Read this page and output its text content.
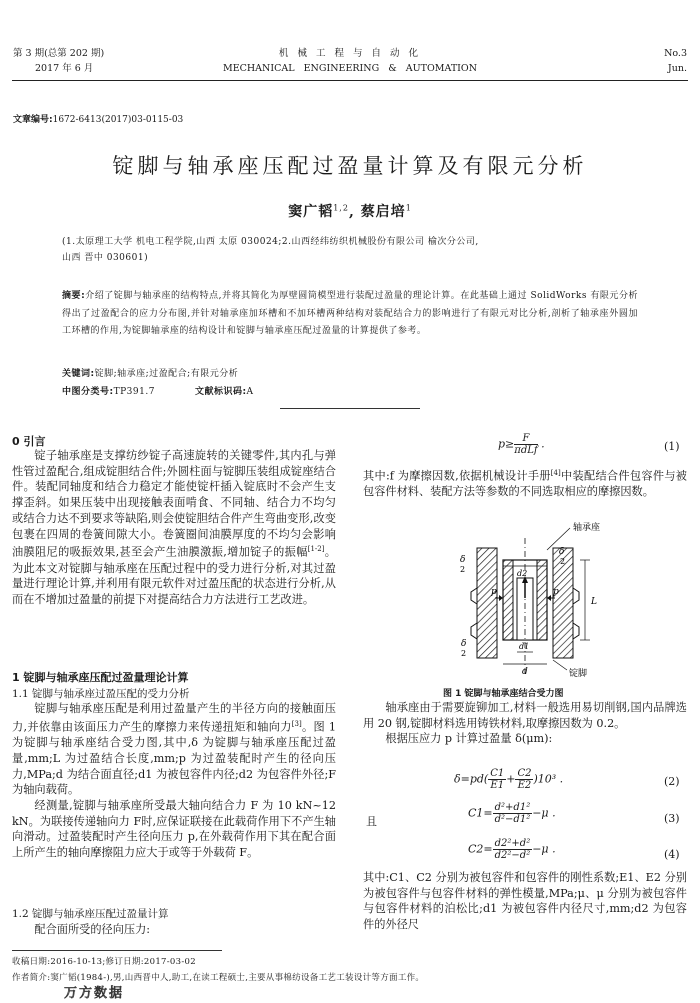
第 3 期(总第 202 期)
2017 年 6 月
机 械 工 程 与 自 动 化
MECHANICAL   ENGINEERING   &   AUTOMATION
No.3
Jun.
文章编号:1672-6413(2017)03-0115-03
锭脚与轴承座压配过盈量计算及有限元分析
窦广韬$^{1,2}$, 蔡启培$^1$
(1.太原理工大学 机电工程学院,山西 太原 030024;2.山西经纬纺织机械股份有限公司 榆次分公司,
山西 晋中 030601)
摘要:介绍了锭脚与轴承座的结构特点,并将其简化为厚壁圆筒模型进行装配过盈量的理论计算。在此基础上通过 SolidWorks 有限元分析得出了过盈配合的应力分布图,并针对轴承座加环槽和不加环槽两种结构对装配结合力的影响进行了有限元对比分析,剖析了轴承座外圆加工环槽的作用,为锭脚轴承座的结构设计和锭脚与轴承座压配过盈量的计算提供了参考。
关键词:锭脚;轴承座;过盈配合;有限元分析
中图分类号:TP391.7	文献标识码:A
0 引言

锭子轴承座是支撑纺纱锭子高速旋转的关键零件,其内孔与弹性管过盈配合,组成锭胆结合件;外圆柱面与锭脚压装组成锭座结合件。装配同轴度和结合力稳定才能使锭杆插入锭底时不会产生支撑歪斜。如果压装中出现接触表面啃食、不同轴、结合力不均匀或结合力达不到要求等缺陷,则会使锭胆结合件产生弯曲变形,改变包裹在四周的卷簧间隙大小。卷簧圈间油膜厚度的不均匀会影响油膜阻尼的吸振效果,甚至会产生油膜激振,增加锭子的振幅[1-2]。为此本文对锭脚与轴承座在压配过程中的受力进行分析,对其过盈量进行理论计算,并利用有限元软件对过盈压配的状态进行分析,从而在不增加过盈量的前提下对提高结合力方法进行工艺改进。

1 锭脚与轴承座压配过盈量理论计算
1.1 锭脚与轴承座过盈压配的受力分析

锭脚与轴承座压配是利用过盈量产生的半径方向的接触面压力,并依靠由该面压力产生的摩擦力来传递扭矩和轴向力[3]。图 1 为锭脚与轴承座结合受力图,其中,δ 为锭脚与轴承座压配过盈量,mm;L 为过盈结合长度,mm;p 为过盈装配时产生的径向压力,MPa;d 为结合面直径;d1 为被包容件内径;d2 为包容件外径;F 为轴向载荷。

经测量,锭脚与轴承座所受最大轴向结合力 F 为 10 kN~12 kN。为联接传递轴向力 F时,应保证联接在此载荷作用下不产生轴向滑动。过盈装配时产生径向压力 p,在外载荷作用下其在配合面上所产生的轴向摩擦阻力应大于或等于外载荷 F。

1.2 锭脚与轴承座压配过盈量计算

配合面所受的径向压力:

$p\ge \frac{F}{\text{πdLf}}$ .	(1)

其中:f 为摩擦因数,依据机械设计手册[4]中装配结合件包容件与被包容件材料、装配方法等参数的不同选取相应的摩擦因数。

轴承座
锭脚
δ
2
δ
2
δ
2
d2
d1
d
p	p
L
图 1 锭脚与轴承座结合受力图

轴承座由于需要旋铆加工,材料一般选用易切削钢,国内品牌选用 20 钢,锭脚材料选用铸铁材料,取摩擦因数为 0.2。

根据压应力 p 计算过盈量 δ(μm):

$\delta=pd( \frac{C1}{E1} + \frac{C2}{E2} )10^3$ .	(2)
且
$C1= \frac{\text{d²+d1²}}{\text{d²−d1²}} -\mu$ .	(3)
$C2= \frac{\text{d2²+d²}}{\text{d2²−d²}} -\mu$ .	(4)

其中:C1、C2 分别为被包容件和包容件的刚性系数;E1、E2 分别为被包容件与包容件材料的弹性模量,MPa;μ、μ 分别为被包容件与包容件材料的泊松比;d1 为被包容件内径尺寸,mm;d2 为包容件的外径尺

收稿日期:2016-10-13;修订日期:2017-03-02
作者简介:窦广韬(1984-),男,山西晋中人,助工,在读工程硕士,主要从事棉纺设备工艺工装设计等方面工作。
万方数据
